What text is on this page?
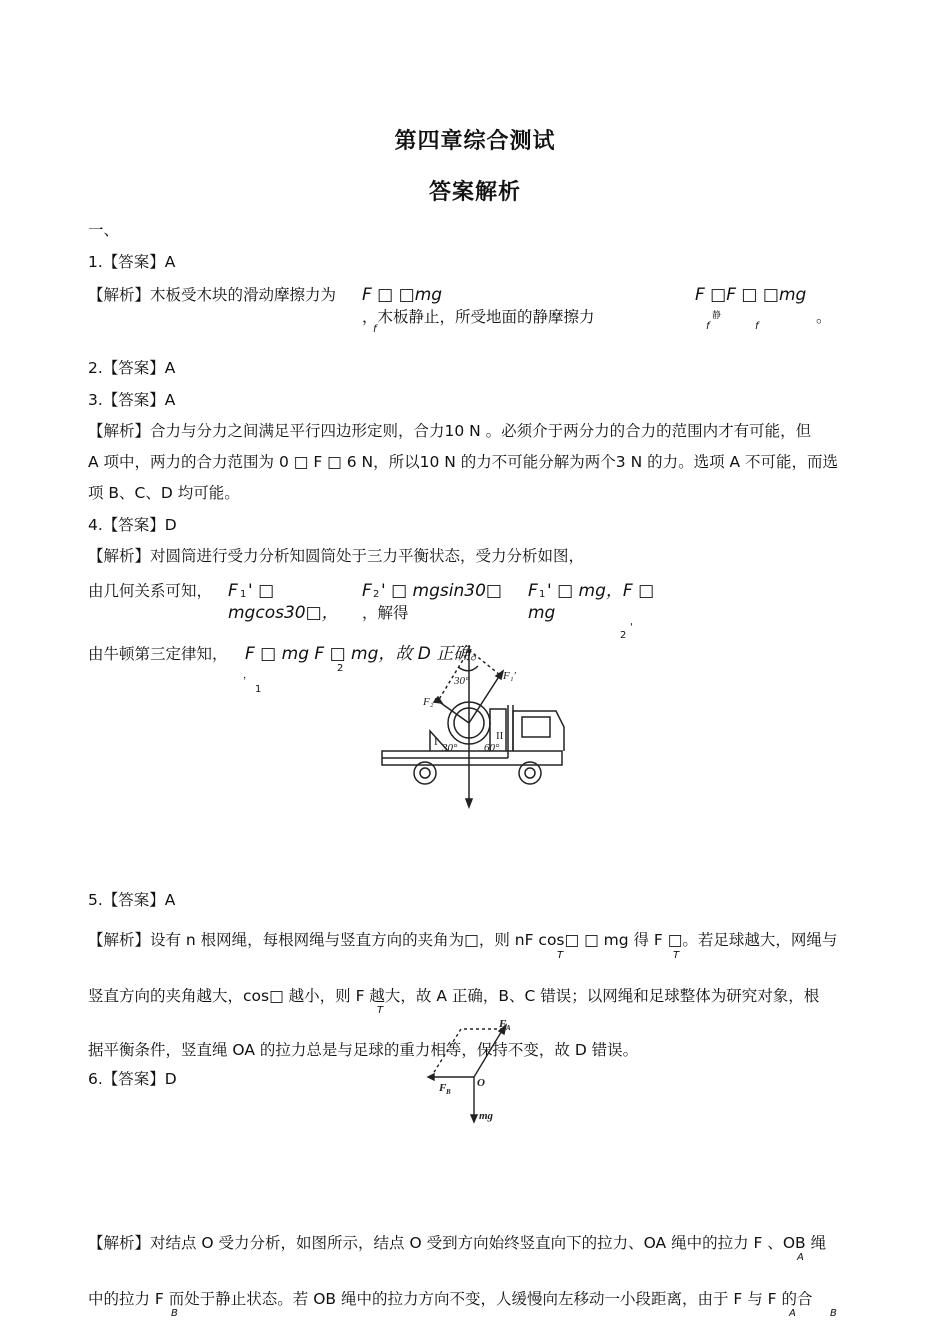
第四章综合测试
答案解析
一、
1.【答案】A
【解析】木板受木块的滑动摩擦力为 F □ □mg
f
，木板静止，所受地面的静摩擦力
F □F □ □mg
静
f	f
。
2.【答案】A
3.【答案】A
【解析】合力与分力之间满足平行四边形定则，合力10 N 。必须介于两分力的合力的范围内才有可能，但
A 项中，两力的合力范围为 0 □ F □ 6 N，所以10 N 的力不可能分解为两个3 N 的力。选项 A 不可能，而选
项 B、C、D 均可能。
4.【答案】D
【解析】对圆筒进行受力分析知圆筒处于三力平衡状态，受力分析如图，
由几何关系可知， F 1 ' □
mgcos30□，
F 2 ' □ mgsin30□
，解得
F 1 ' □ mg，F □
mg
2
'
由牛顿第三定律知， F □ mg F □ mg，故 D 正确。
，
1
2
30°	F₁′
F₂′
I	II
30° 60°
5.【答案】A
【解析】设有 n 根网绳，每根网绳与竖直方向的夹角为□，则 nF cos□ □ mg 得 F □。若足球越大，网绳与
T	T
竖直方向的夹角越大，cos□ 越小，则 F 越大，故 A 正确，B、C 错误；以网绳和足球整体为研究对象，根
T
据平衡条件，竖直绳 OA 的拉力总是与足球的重力相等，保持不变，故 D 错误。
F A
F B
O
mg
6.【答案】D
【解析】对结点 O 受力分析，如图所示，结点 O 受到方向始终竖直向下的拉力、OA 绳中的拉力 F 、OB 绳
A
中的拉力 F 而处于静止状态。若 OB 绳中的拉力方向不变，人缓慢向左移动一小段距离，由于 F 与 F 的合
B	A	B
